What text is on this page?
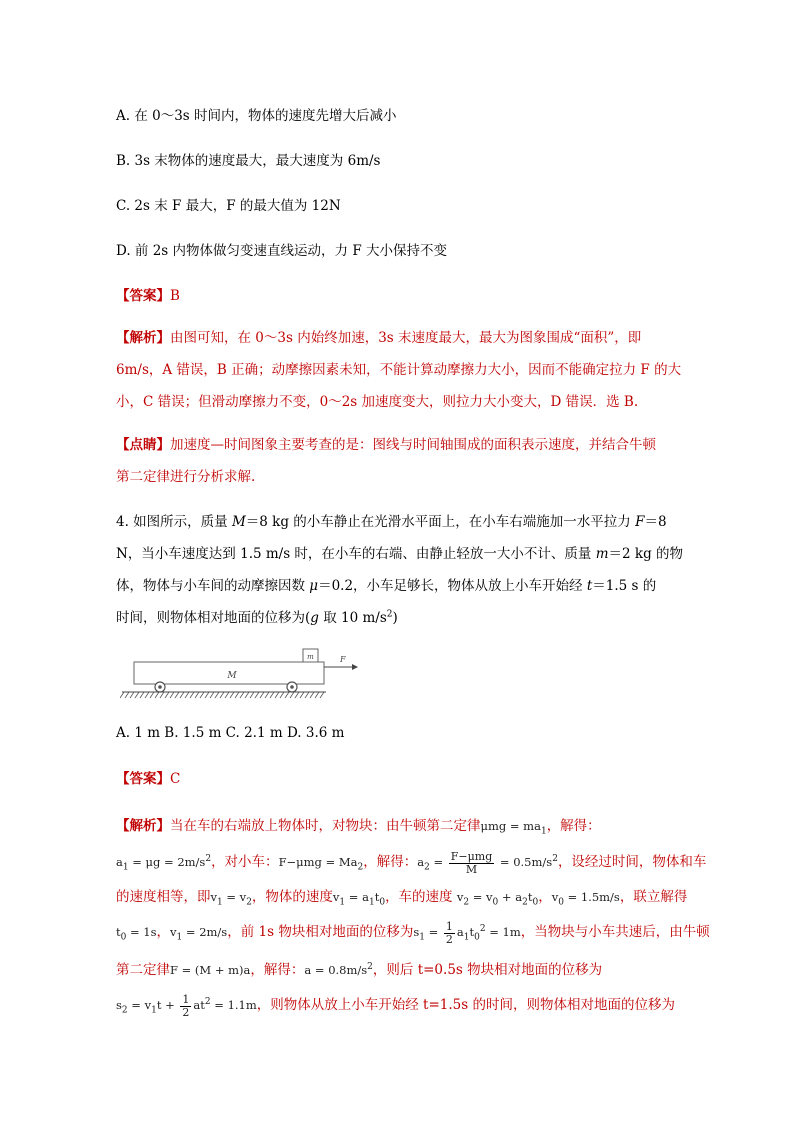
A. 在 0～3s 时间内，物体的速度先增大后减小
B. 3s 末物体的速度最大，最大速度为 6m/s
C. 2s 末 F 最大，F 的最大值为 12N
D. 前 2s 内物体做匀变速直线运动，力 F 大小保持不变
【答案】B
【解析】由图可知，在 0～3s 内始终加速，3s 末速度最大，最大为图象围成“面积”，即
6m/s，A 错误，B 正确；动摩擦因素未知，不能计算动摩擦力大小，因而不能确定拉力 F 的大
小，C 错误；但滑动摩擦力不变，0～2s 加速度变大，则拉力大小变大，D 错误．选 B.
【点睛】加速度—时间图象主要考查的是：图线与时间轴围成的面积表示速度，并结合牛顿
第二定律进行分析求解.
4. 如图所示，质量 M＝8 kg 的小车静止在光滑水平面上，在小车右端施加一水平拉力 F＝8
N，当小车速度达到 1.5 m/s 时，在小车的右端、由静止轻放一大小不计、质量 m＝2 kg 的物
体，物体与小车间的动摩擦因数 μ＝0.2，小车足够长，物体从放上小车开始经 t＝1.5 s 的
时间，则物体相对地面的位移为(g 取 10 $m/s^2$)
M
m	F
A. 1 m B. 1.5 m C. 2.1 m D. 3.6 m
【答案】C
【解析】当在车的右端放上物体时，对物块：由牛顿第二定律$\mu mg = ma_1$，解得：
$a_1 = \mu g = 2m/s^2$，对小车：$F-\mu mg = Ma_2$，解得：$a_2 = \frac{\text{F−μmg}}{M} = 0.5m/s^2$，设经过时间，物体和车
的速度相等，即$v_1 = v_2$，物体的速度$v_1 = a_1t_0$，车的速度 $v_2 = v_0 + a_2t_0$，$v_0 = 1.5m/s$，联立解得
$t_0 = 1s$，$v_1 = 2m/s$，前 1s 物块相对地面的位移为$s_1 = \frac{1}{2} a_1t_0^2 = 1m$，当物块与小车共速后，由牛顿
第二定律F = (M + m)a，解得：$a = 0.8m/s^2$，则后 t=0.5s 物块相对地面的位移为
$s_2 = v_1t + \frac{1}{2} at^2 = 1.1m$，则物体从放上小车开始经 t=1.5s 的时间，则物体相对地面的位移为
